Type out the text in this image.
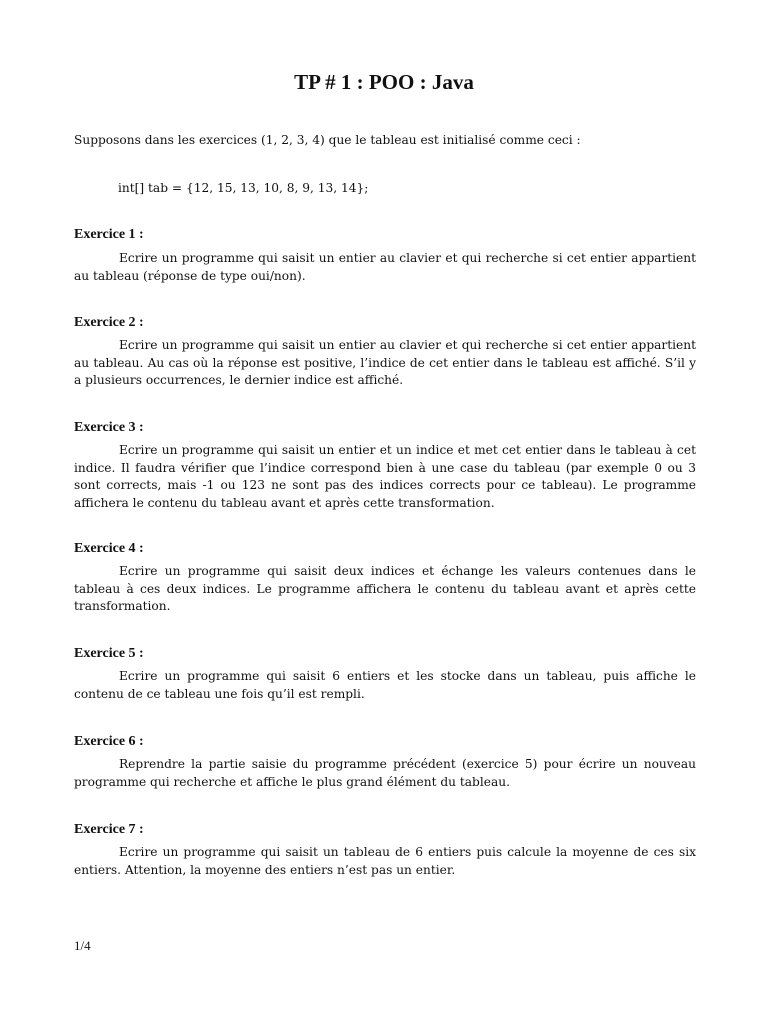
TP # 1 : POO : Java
Supposons dans les exercices (1, 2, 3, 4) que le tableau est initialisé comme ceci :
int[] tab = {12, 15, 13, 10, 8, 9, 13, 14};
Exercice 1 :

Ecrire un programme qui saisit un entier au clavier et qui recherche si cet entier appartient au tableau (réponse de type oui/non).

Exercice 2 :

Ecrire un programme qui saisit un entier au clavier et qui recherche si cet entier appartient au tableau. Au cas où la réponse est positive, l’indice de cet entier dans le tableau est affiché. S’il y a plusieurs occurrences, le dernier indice est affiché.

Exercice 3 :

Ecrire un programme qui saisit un entier et un indice et met cet entier dans le tableau à cet indice. Il faudra vérifier que l’indice correspond bien à une case du tableau (par exemple 0 ou 3 sont corrects, mais -1 ou 123 ne sont pas des indices corrects pour ce tableau). Le programme affichera le contenu du tableau avant et après cette transformation.

Exercice 4 :

Ecrire un programme qui saisit deux indices et échange les valeurs contenues dans le tableau à ces deux indices. Le programme affichera le contenu du tableau avant et après cette transformation.

Exercice 5 :

Ecrire un programme qui saisit 6 entiers et les stocke dans un tableau, puis affiche le contenu de ce tableau une fois qu’il est rempli.

Exercice 6 :

Reprendre la partie saisie du programme précédent (exercice 5) pour écrire un nouveau programme qui recherche et affiche le plus grand élément du tableau.

Exercice 7 :

Ecrire un programme qui saisit un tableau de 6 entiers puis calcule la moyenne de ces six entiers. Attention, la moyenne des entiers n’est pas un entier.

1/4
